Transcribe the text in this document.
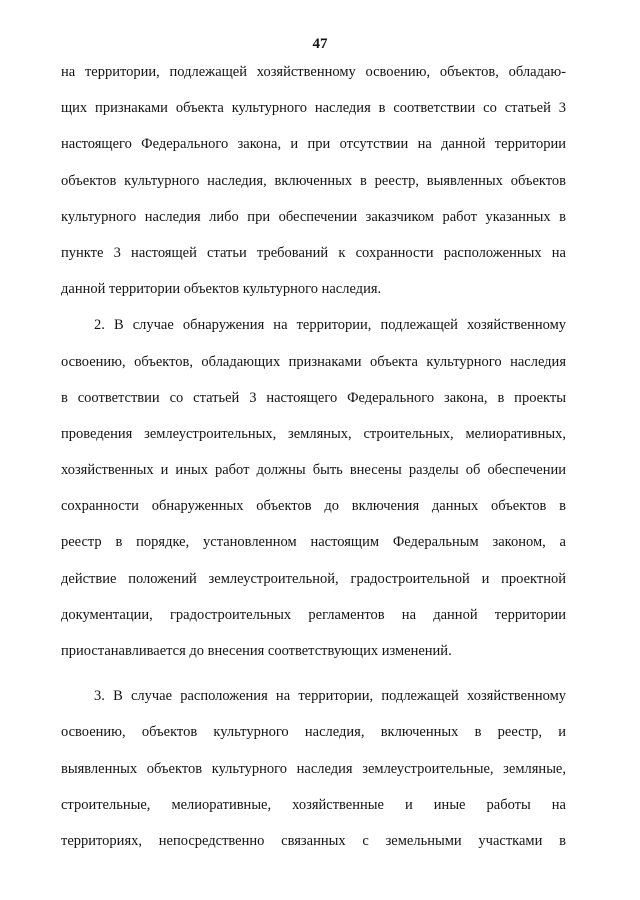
47
на территории, подлежащей хозяйственному освоению, объектов, обладаю-
щих признаками объекта культурного наследия в соответствии со статьей 3
настоящего Федерального закона, и при отсутствии на данной территории
объектов культурного наследия, включенных в реестр, выявленных объектов
культурного наследия либо при обеспечении заказчиком работ указанных в
пункте 3 настоящей статьи требований к сохранности расположенных на
данной территории объектов культурного наследия.
2. В случае обнаружения на территории, подлежащей хозяйственному
освоению, объектов, обладающих признаками объекта культурного наследия
в соответствии со статьей 3 настоящего Федерального закона, в проекты
проведения землеустроительных, земляных, строительных, мелиоративных,
хозяйственных и иных работ должны быть внесены разделы об обеспечении
сохранности обнаруженных объектов до включения данных объектов в
реестр в порядке, установленном настоящим Федеральным законом, а
действие положений землеустроительной, градостроительной и проектной
документации, градостроительных регламентов на данной территории
приостанавливается до внесения соответствующих изменений.
3. В случае расположения на территории, подлежащей хозяйственному
освоению, объектов культурного наследия, включенных в реестр, и
выявленных объектов культурного наследия землеустроительные, земляные,
строительные, мелиоративные, хозяйственные и иные работы на
территориях, непосредственно связанных с земельными участками в
